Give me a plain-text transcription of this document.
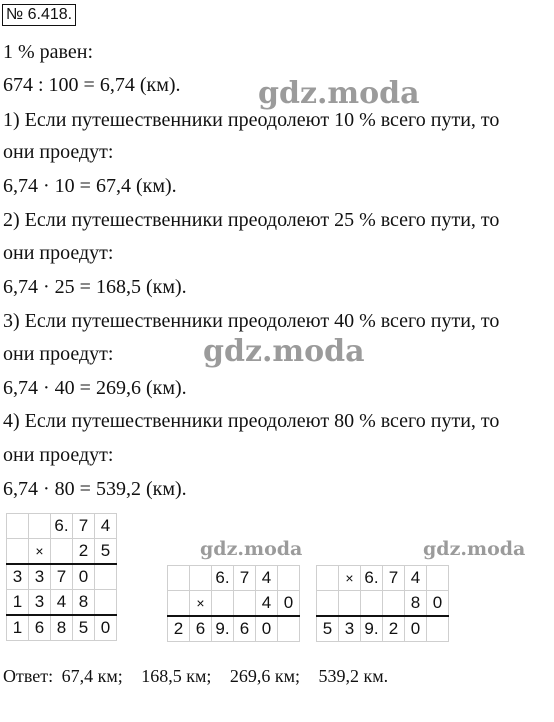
№ 6.418.
1 % равен:
674 : 100 = 6,74 (км).
1) Если путешественники преодолеют 10 % всего пути, то
они проедут:
6,74 · 10 = 67,4 (км).
2) Если путешественники преодолеют 25 % всего пути, то
они проедут:
6,74 · 25 = 168,5 (км).
3) Если путешественники преодолеют 40 % всего пути, то
они проедут:
6,74 · 40 = 269,6 (км).
4) Если путешественники преодолеют 80 % всего пути, то
они проедут:
6,74 · 80 = 539,2 (км).
gdz.moda
gdz.moda
gdz.moda	gdz.moda
		6.	7	4
	×		2	5
3	3	7	0	
1	3	4	8	
1	6	8	5	0
		6.	7	4	
	×			4	0
2	6	9.	6	0	
	×	6.	7	4	
				8	0
5	3	9.	2	0	
Ответ: 67,4 км; 168,5 км; 269,6 км; 539,2 км.
